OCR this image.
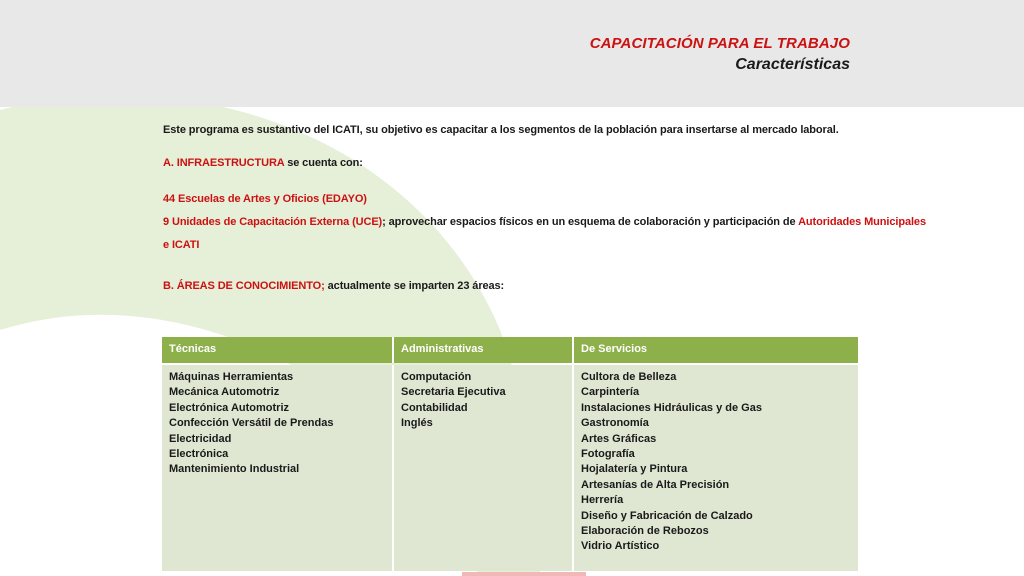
CAPACITACIÓN PARA EL TRABAJO
Características

Este programa es sustantivo del ICATI, su objetivo es capacitar a los segmentos de la población para insertarse al mercado laboral.

A. INFRAESTRUCTURA se cuenta con:

44 Escuelas de Artes y Oficios (EDAYO)

9 Unidades de Capacitación Externa (UCE); aprovechar espacios físicos en un esquema de colaboración y participación de Autoridades Municipales

e ICATI

B. ÁREAS DE CONOCIMIENTO; actualmente se imparten 23 áreas:

Técnicas	Administrativas	De Servicios
Máquinas Herramientas
Mecánica Automotriz
Electrónica Automotriz
Confección Versátil de Prendas
Electricidad
Electrónica
Mantenimiento Industrial
Computación
Secretaria Ejecutiva
Contabilidad
Inglés
Cultora de Belleza
Carpintería
Instalaciones Hidráulicas y de Gas
Gastronomía
Artes Gráficas
Fotografía
Hojalatería y Pintura
Artesanías de Alta Precisión
Herrería
Diseño y Fabricación de Calzado
Elaboración de Rebozos
Vidrio Artístico
